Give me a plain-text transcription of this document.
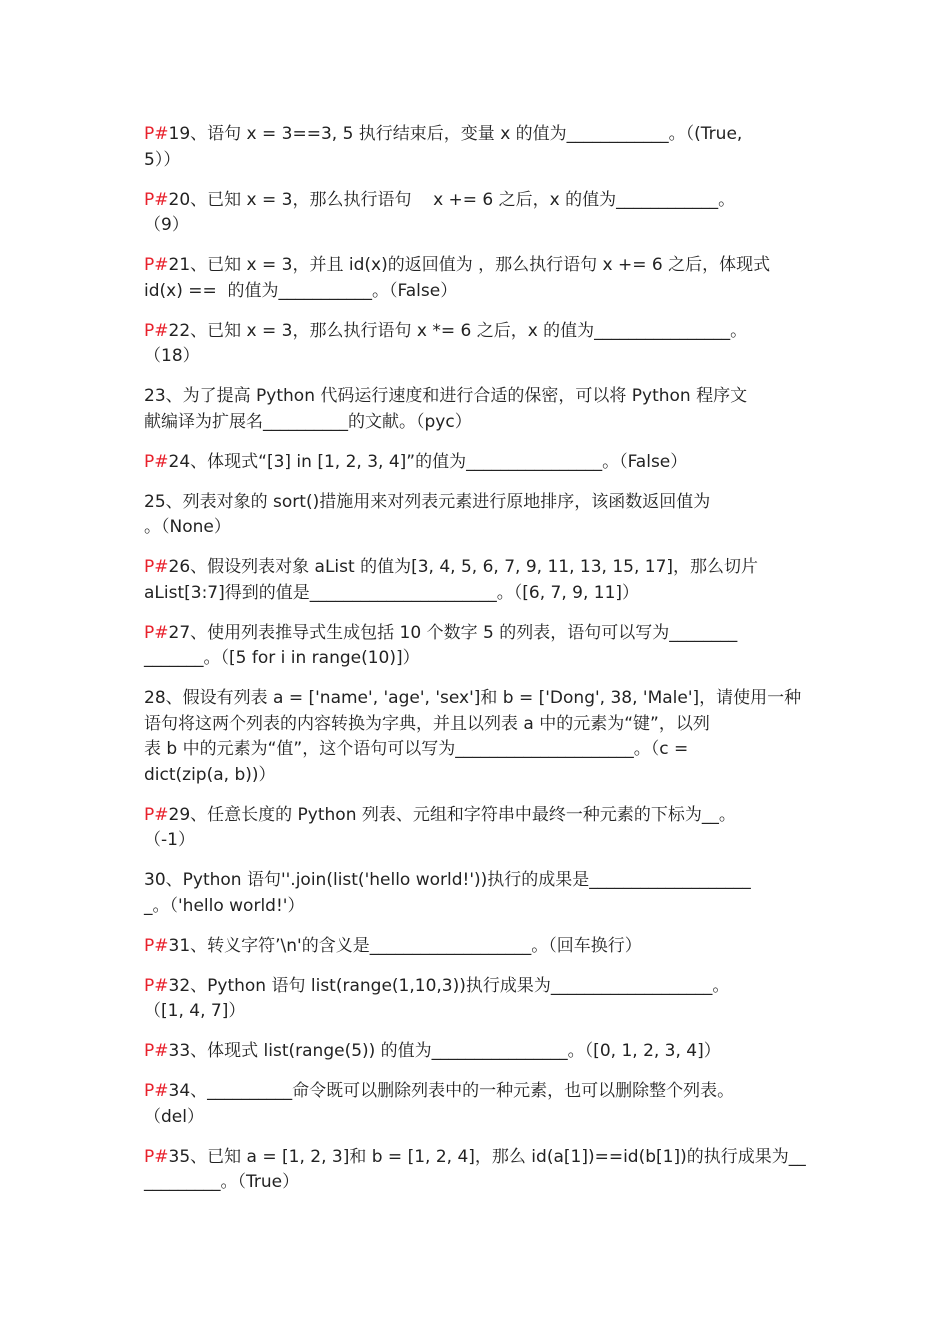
P#19、语句 x = 3==3, 5 执行结束后，变量 x 的值为____________。（(True,
5））
P#20、已知 x = 3，那么执行语句    x += 6 之后，x 的值为____________。
（9）
P#21、已知 x = 3，并且 id(x)的返回值为 ，那么执行语句 x += 6 之后，体现式
id(x) ==  的值为___________。（False）
P#22、已知 x = 3，那么执行语句 x *= 6 之后，x 的值为________________。
（18）
23、为了提高 Python 代码运行速度和进行合适的保密，可以将 Python 程序文
献编译为扩展名__________的文献。（pyc）
P#24、体现式“[3] in [1, 2, 3, 4]”的值为________________。（False）
25、列表对象的 sort()措施用来对列表元素进行原地排序，该函数返回值为
。（None）
P#26、假设列表对象 aList 的值为[3, 4, 5, 6, 7, 9, 11, 13, 15, 17]，那么切片
aList[3:7]得到的值是______________________。（[6, 7, 9, 11]）
P#27、使用列表推导式生成包括 10 个数字 5 的列表，语句可以写为________
_______。（[5 for i in range(10)]）
28、假设有列表 a = ['name', 'age', 'sex']和 b = ['Dong', 38, 'Male']，请使用一种
语句将这两个列表的内容转换为字典，并且以列表 a 中的元素为“键”，以列
表 b 中的元素为“值”，这个语句可以写为_____________________。（c =
dict(zip(a, b))）
P#29、任意长度的 Python 列表、元组和字符串中最终一种元素的下标为__。
（-1）
30、Python 语句''.join(list('hello world!'))执行的成果是___________________
_。（'hello world!'）
P#31、转义字符’\n'的含义是___________________。（回车换行）
P#32、Python 语句 list(range(1,10,3))执行成果为___________________。
（[1, 4, 7]）
P#33、体现式 list(range(5)) 的值为________________。（[0, 1, 2, 3, 4]）
P#34、__________命令既可以删除列表中的一种元素，也可以删除整个列表。
（del）
P#35、已知 a = [1, 2, 3]和 b = [1, 2, 4]，那么 id(a[1])==id(b[1])的执行成果为__
_________。（True）
